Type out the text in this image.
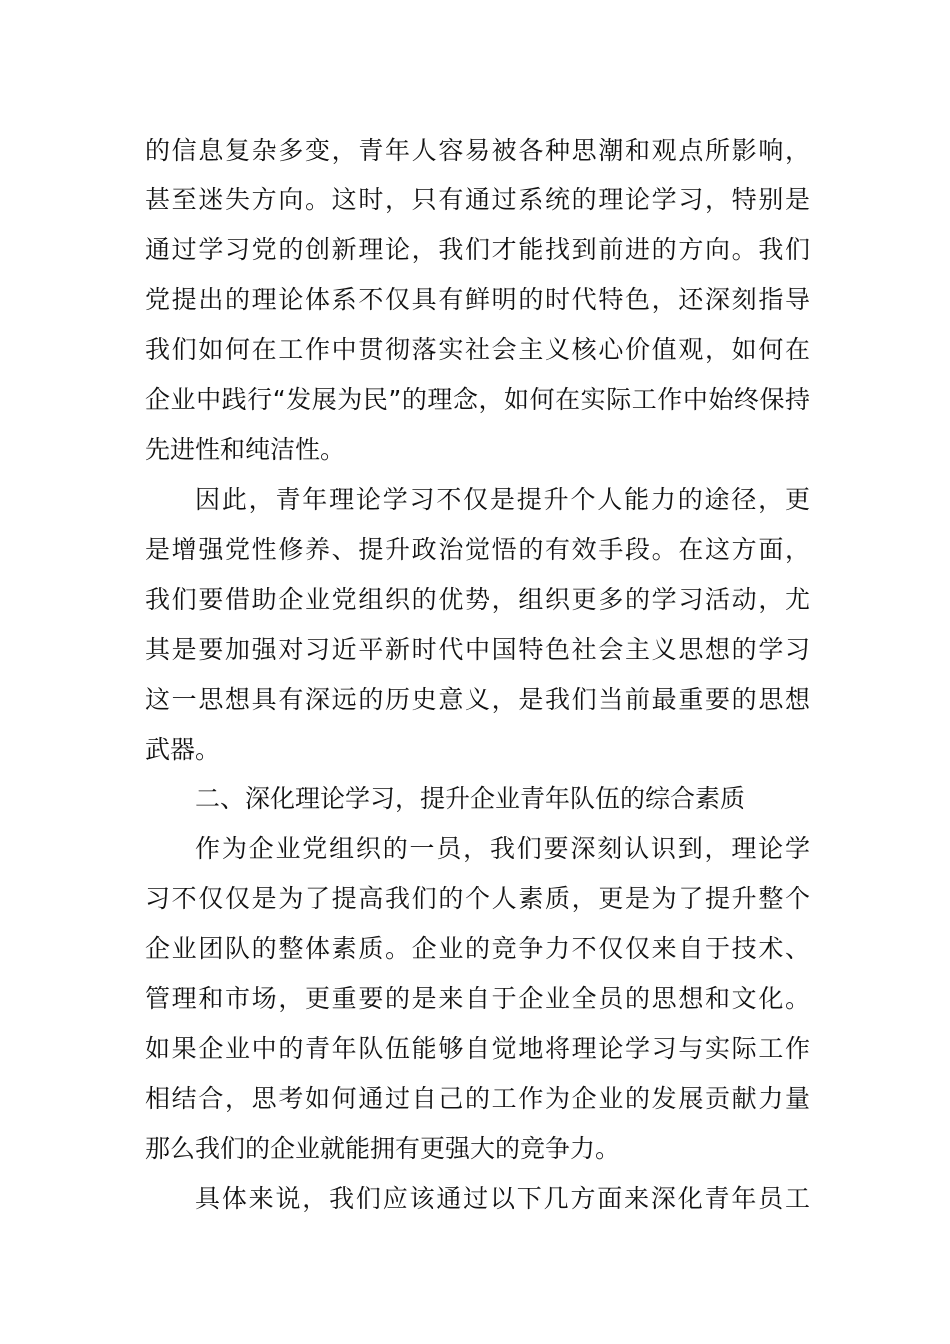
的信息复杂多变，青年人容易被各种思潮和观点所影响，
甚至迷失方向。这时，只有通过系统的理论学习，特别是
通过学习党的创新理论，我们才能找到前进的方向。我们
党提出的理论体系不仅具有鲜明的时代特色，还深刻指导
我们如何在工作中贯彻落实社会主义核心价值观，如何在
企业中践行“发展为民”的理念，如何在实际工作中始终保持
先进性和纯洁性。
因此，青年理论学习不仅是提升个人能力的途径，更
是增强党性修养、提升政治觉悟的有效手段。在这方面，
我们要借助企业党组织的优势，组织更多的学习活动，尤
其是要加强对习近平新时代中国特色社会主义思想的学习
这一思想具有深远的历史意义，是我们当前最重要的思想
武器。
二、深化理论学习，提升企业青年队伍的综合素质
作为企业党组织的一员，我们要深刻认识到，理论学
习不仅仅是为了提高我们的个人素质，更是为了提升整个
企业团队的整体素质。企业的竞争力不仅仅来自于技术、
管理和市场，更重要的是来自于企业全员的思想和文化。
如果企业中的青年队伍能够自觉地将理论学习与实际工作
相结合，思考如何通过自己的工作为企业的发展贡献力量
那么我们的企业就能拥有更强大的竞争力。
具体来说，我们应该通过以下几方面来深化青年员工
